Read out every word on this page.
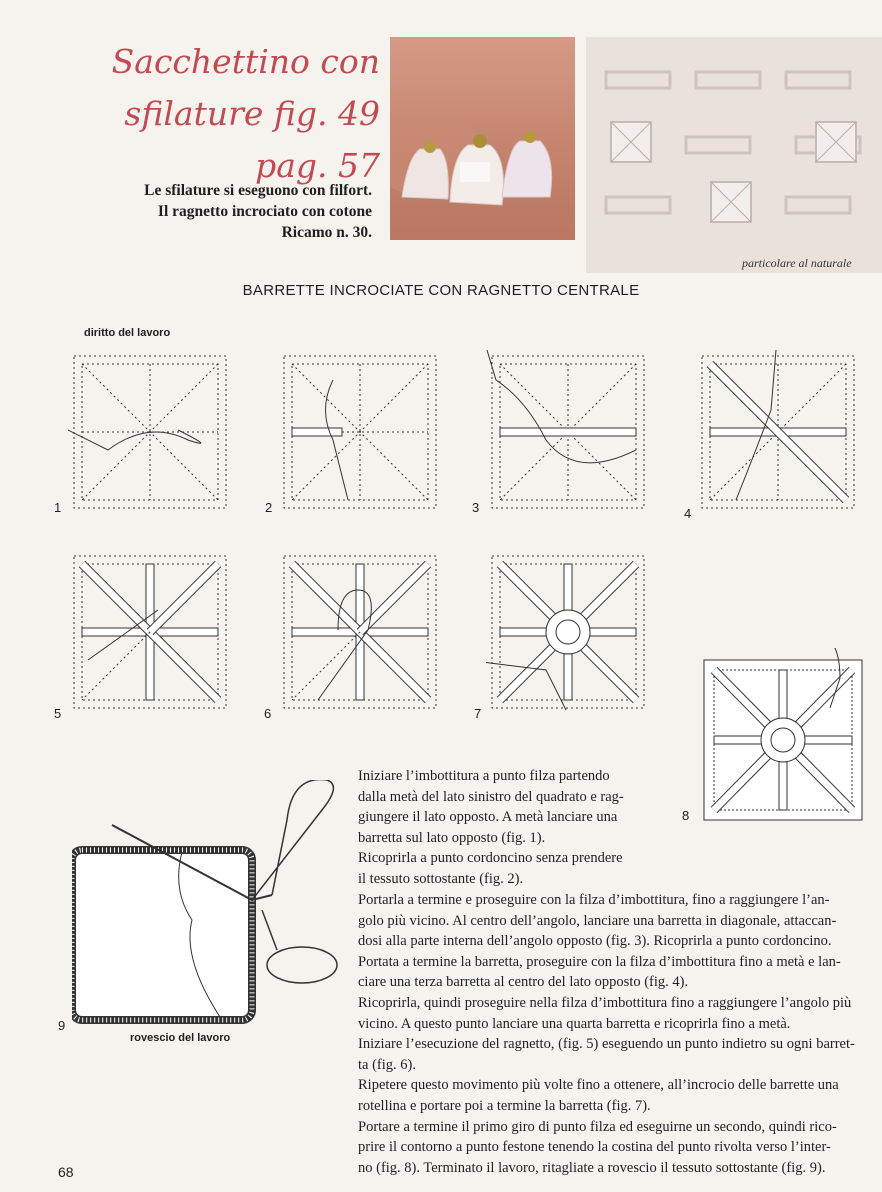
Sacchettino con
sfilature fig. 49 pag. 57
Le sfilature si eseguono con filfort.
Il ragnetto incrociato con cotone
Ricamo n. 30.
particolare al naturale
BARRETTE INCROCIATE CON RAGNETTO CENTRALE
diritto del lavoro
1	2	3	4
5	6	7
8
9
rovescio del lavoro

Iniziare l’imbottitura a punto filza partendo

dalla metà del lato sinistro del quadrato e rag-

giungere il lato opposto. A metà lanciare una

barretta sul lato opposto (fig. 1).

Ricoprirla a punto cordoncino senza prendere

il tessuto sottostante (fig. 2).

Portarla a termine e proseguire con la filza d’imbottitura, fino a raggiungere l’an-

golo più vicino. Al centro dell’angolo, lanciare una barretta in diagonale, attaccan-

dosi alla parte interna dell’angolo opposto (fig. 3). Ricoprirla a punto cordoncino.

Portata a termine la barretta, proseguire con la filza d’imbottitura fino a metà e lan-

ciare una terza barretta al centro del lato opposto (fig. 4).

Ricoprirla, quindi proseguire nella filza d’imbottitura fino a raggiungere l’angolo più

vicino. A questo punto lanciare una quarta barretta e ricoprirla fino a metà.

Iniziare l’esecuzione del ragnetto, (fig. 5) eseguendo un punto indietro su ogni barret-

ta (fig. 6).

Ripetere questo movimento più volte fino a ottenere, all’incrocio delle barrette una

rotellina e portare poi a termine la barretta (fig. 7).

Portare a termine il primo giro di punto filza ed eseguirne un secondo, quindi rico-

prire il contorno a punto festone tenendo la costina del punto rivolta verso l’inter-

no (fig. 8). Terminato il lavoro, ritagliate a rovescio il tessuto sottostante (fig. 9).

68
